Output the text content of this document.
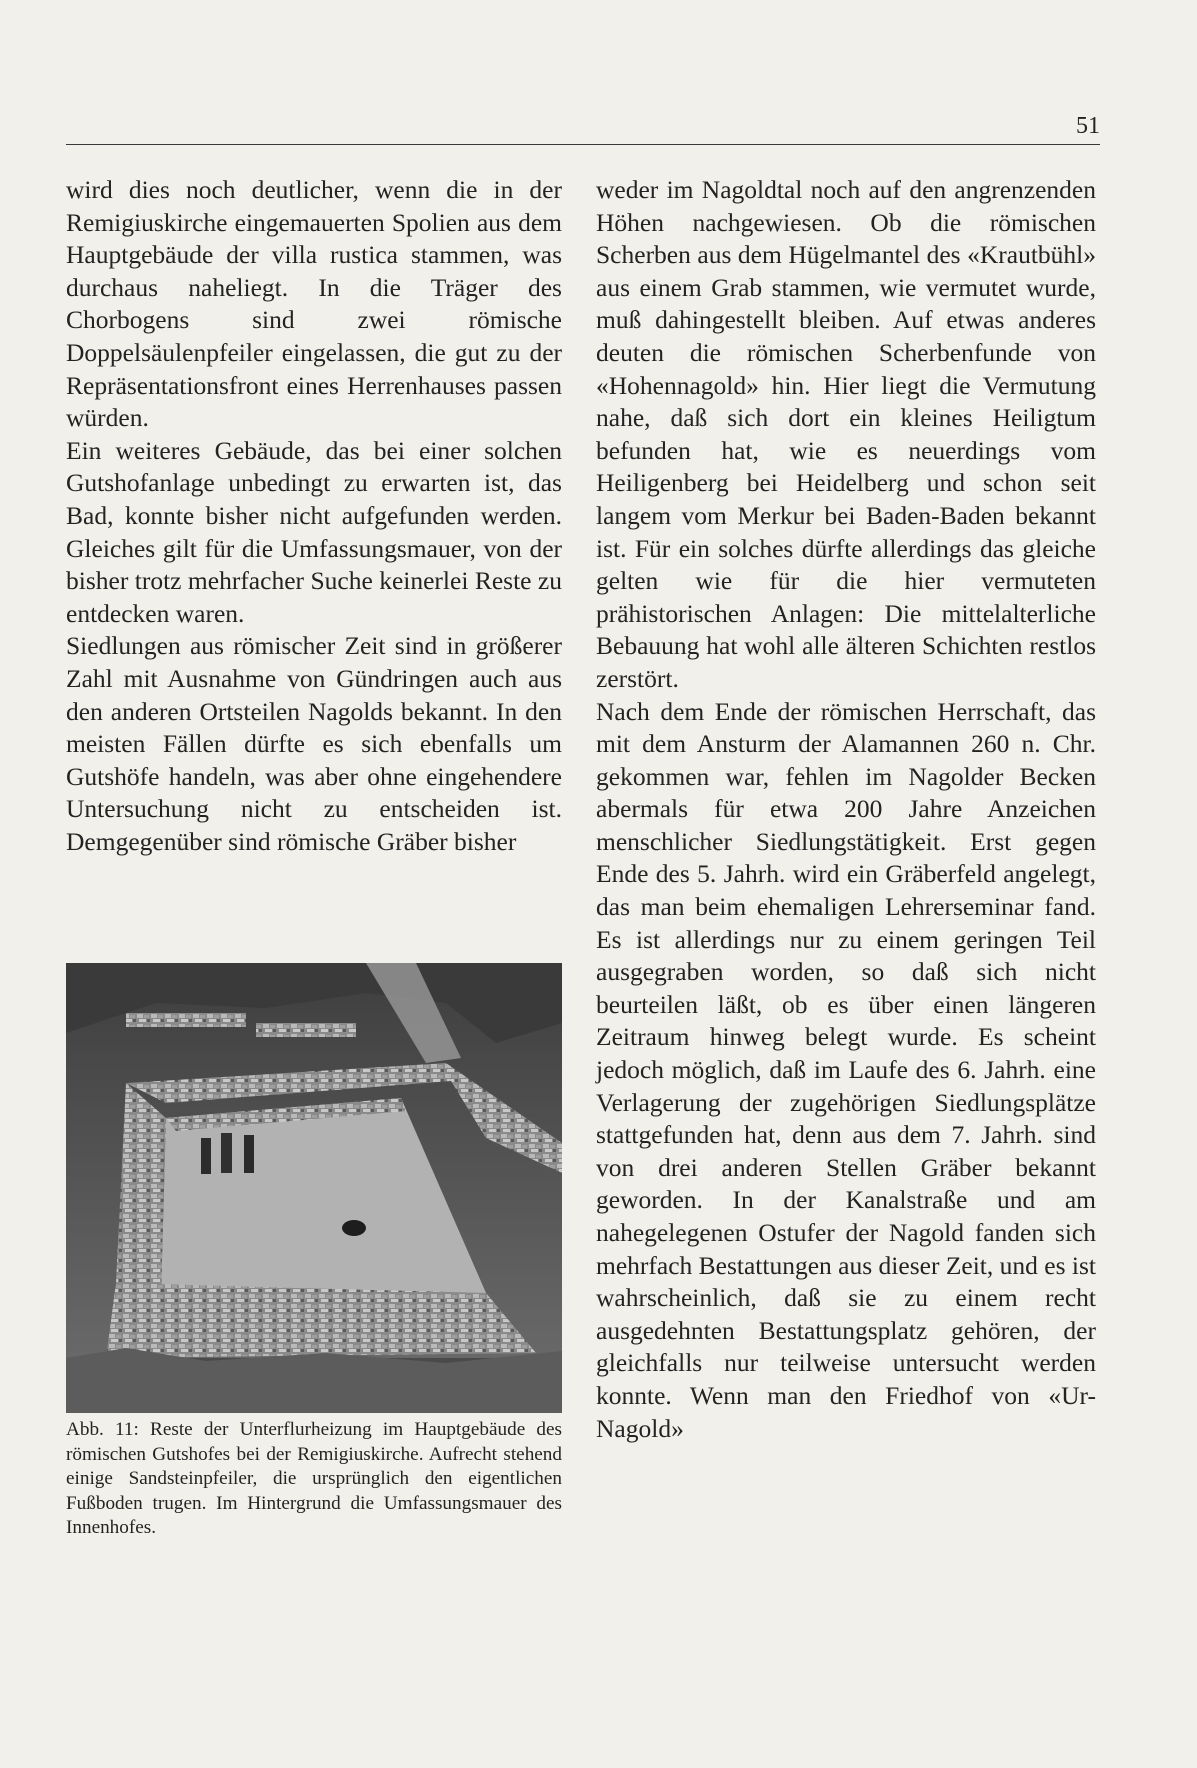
51

wird dies noch deutlicher, wenn die in der Remigiuskirche eingemauerten Spolien aus dem Hauptgebäude der villa rustica stammen, was durchaus naheliegt. In die Träger des Chorbogens sind zwei römische Doppelsäulenpfeiler eingelassen, die gut zu der Repräsentationsfront eines Herrenhauses passen würden.

Ein weiteres Gebäude, das bei einer solchen Gutshofanlage unbedingt zu erwarten ist, das Bad, konnte bisher nicht aufgefunden werden. Gleiches gilt für die Umfassungsmauer, von der bisher trotz mehrfacher Suche keinerlei Reste zu entdecken waren.

Siedlungen aus römischer Zeit sind in größerer Zahl mit Ausnahme von Gündringen auch aus den anderen Ortsteilen Nagolds bekannt. In den meisten Fällen dürfte es sich ebenfalls um Gutshöfe handeln, was aber ohne eingehendere Untersuchung nicht zu entscheiden ist. Demgegenüber sind römische Gräber bisher

Abb. 11: Reste der Unterflurheizung im Hauptgebäude des römischen Gutshofes bei der Remigiuskirche. Aufrecht stehend einige Sandsteinpfeiler, die ursprünglich den eigentlichen Fußboden trugen. Im Hintergrund die Umfassungsmauer des Innenhofes.

weder im Nagoldtal noch auf den angrenzenden Höhen nachgewiesen. Ob die römischen Scherben aus dem Hügelmantel des «Krautbühl» aus einem Grab stammen, wie vermutet wurde, muß dahingestellt bleiben. Auf etwas anderes deuten die römischen Scherbenfunde von «Hohennagold» hin. Hier liegt die Vermutung nahe, daß sich dort ein kleines Heiligtum befunden hat, wie es neuerdings vom Heiligenberg bei Heidelberg und schon seit langem vom Merkur bei Baden-Baden bekannt ist. Für ein solches dürfte allerdings das gleiche gelten wie für die hier vermuteten prähistorischen Anlagen: Die mittelalterliche Bebauung hat wohl alle älteren Schichten restlos zerstört.

Nach dem Ende der römischen Herrschaft, das mit dem Ansturm der Alamannen 260 n. Chr. gekommen war, fehlen im Nagolder Becken abermals für etwa 200 Jahre Anzeichen menschlicher Siedlungstätigkeit. Erst gegen Ende des 5. Jahrh. wird ein Gräberfeld angelegt, das man beim ehemaligen Lehrerseminar fand. Es ist allerdings nur zu einem geringen Teil ausgegraben worden, so daß sich nicht beurteilen läßt, ob es über einen längeren Zeitraum hinweg belegt wurde. Es scheint jedoch möglich, daß im Laufe des 6. Jahrh. eine Verlagerung der zugehörigen Siedlungsplätze stattgefunden hat, denn aus dem 7. Jahrh. sind von drei anderen Stellen Gräber bekannt geworden. In der Kanalstraße und am nahegelegenen Ostufer der Nagold fanden sich mehrfach Bestattungen aus dieser Zeit, und es ist wahrscheinlich, daß sie zu einem recht ausgedehnten Bestattungsplatz gehören, der gleichfalls nur teilweise untersucht werden konnte. Wenn man den Friedhof von «Ur-Nagold»
